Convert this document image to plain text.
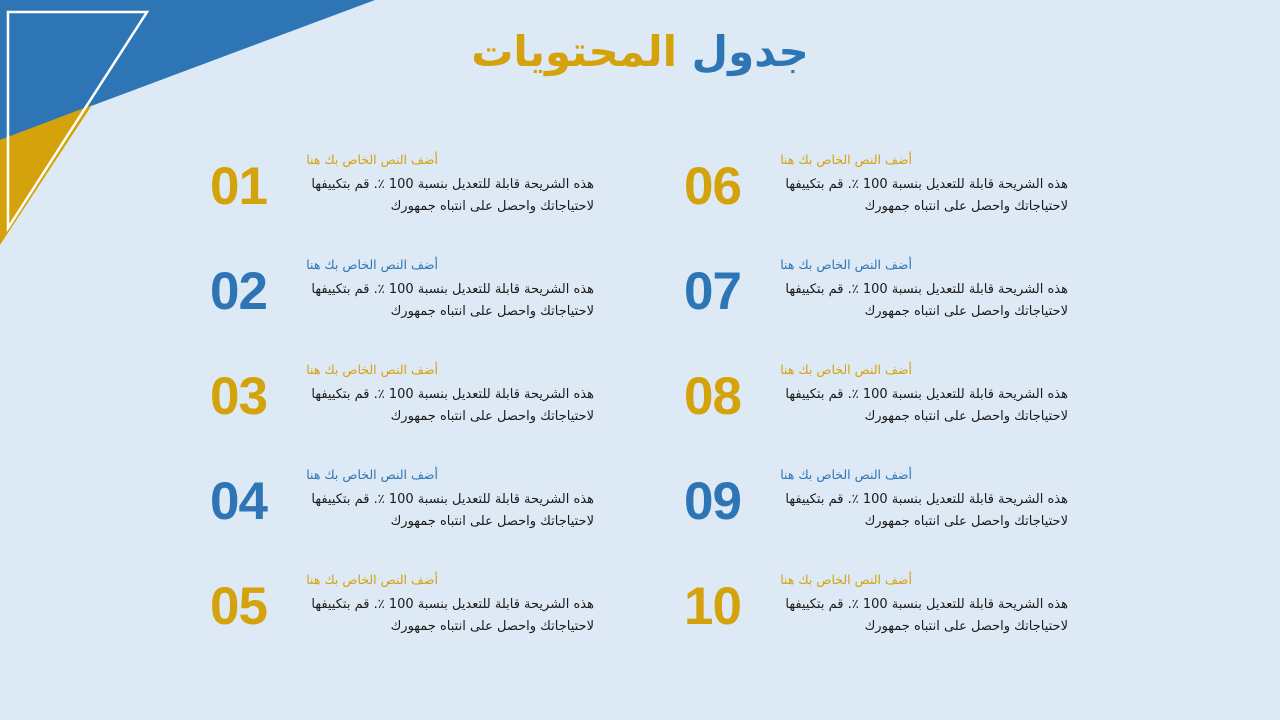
جدول المحتويات
01	أضف النص الخاص بك هنا
هذه الشريحة قابلة للتعديل بنسبة 100 ٪. قم بتكييفها
لاحتياجاتك واحصل على انتباه جمهورك
02	أضف النص الخاص بك هنا
هذه الشريحة قابلة للتعديل بنسبة 100 ٪. قم بتكييفها
لاحتياجاتك واحصل على انتباه جمهورك
03	أضف النص الخاص بك هنا
هذه الشريحة قابلة للتعديل بنسبة 100 ٪. قم بتكييفها
لاحتياجاتك واحصل على انتباه جمهورك
04	أضف النص الخاص بك هنا
هذه الشريحة قابلة للتعديل بنسبة 100 ٪. قم بتكييفها
لاحتياجاتك واحصل على انتباه جمهورك
05	أضف النص الخاص بك هنا
هذه الشريحة قابلة للتعديل بنسبة 100 ٪. قم بتكييفها
لاحتياجاتك واحصل على انتباه جمهورك
06	أضف النص الخاص بك هنا
هذه الشريحة قابلة للتعديل بنسبة 100 ٪. قم بتكييفها
لاحتياجاتك واحصل على انتباه جمهورك
07	أضف النص الخاص بك هنا
هذه الشريحة قابلة للتعديل بنسبة 100 ٪. قم بتكييفها
لاحتياجاتك واحصل على انتباه جمهورك
08	أضف النص الخاص بك هنا
هذه الشريحة قابلة للتعديل بنسبة 100 ٪. قم بتكييفها
لاحتياجاتك واحصل على انتباه جمهورك
09	أضف النص الخاص بك هنا
هذه الشريحة قابلة للتعديل بنسبة 100 ٪. قم بتكييفها
لاحتياجاتك واحصل على انتباه جمهورك
10	أضف النص الخاص بك هنا
هذه الشريحة قابلة للتعديل بنسبة 100 ٪. قم بتكييفها
لاحتياجاتك واحصل على انتباه جمهورك
